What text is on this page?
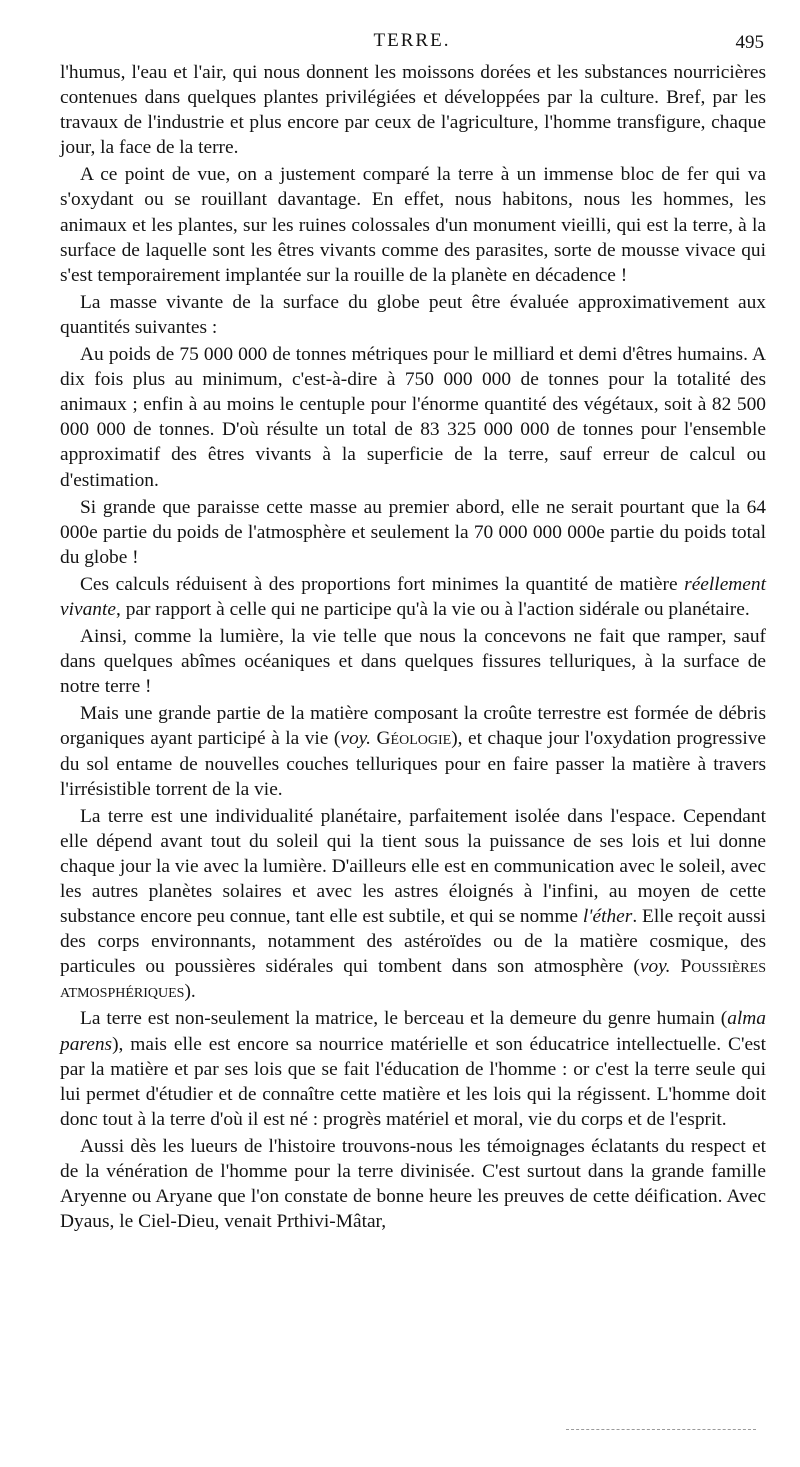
TERRE.	495

l'humus, l'eau et l'air, qui nous donnent les moissons dorées et les substances nourricières contenues dans quelques plantes privilégiées et développées par la culture. Bref, par les travaux de l'industrie et plus encore par ceux de l'agriculture, l'homme transfigure, chaque jour, la face de la terre.

A ce point de vue, on a justement comparé la terre à un immense bloc de fer qui va s'oxydant ou se rouillant davantage. En effet, nous habitons, nous les hommes, les animaux et les plantes, sur les ruines colossales d'un monument vieilli, qui est la terre, à la surface de laquelle sont les êtres vivants comme des parasites, sorte de mousse vivace qui s'est temporairement implantée sur la rouille de la planète en décadence !

La masse vivante de la surface du globe peut être évaluée approximativement aux quantités suivantes :

Au poids de 75 000 000 de tonnes métriques pour le milliard et demi d'êtres humains. A dix fois plus au minimum, c'est-à-dire à 750 000 000 de tonnes pour la totalité des animaux ; enfin à au moins le centuple pour l'énorme quantité des végétaux, soit à 82 500 000 000 de tonnes. D'où résulte un total de 83 325 000 000 de tonnes pour l'ensemble approximatif des êtres vivants à la superficie de la terre, sauf erreur de calcul ou d'estimation.

Si grande que paraisse cette masse au premier abord, elle ne serait pourtant que la 64 000e partie du poids de l'atmosphère et seulement la 70 000 000 000e partie du poids total du globe !

Ces calculs réduisent à des proportions fort minimes la quantité de matière réellement vivante, par rapport à celle qui ne participe qu'à la vie ou à l'action sidérale ou planétaire.

Ainsi, comme la lumière, la vie telle que nous la concevons ne fait que ramper, sauf dans quelques abîmes océaniques et dans quelques fissures telluriques, à la surface de notre terre !

Mais une grande partie de la matière composant la croûte terrestre est formée de débris organiques ayant participé à la vie (voy. Géologie), et chaque jour l'oxydation progressive du sol entame de nouvelles couches telluriques pour en faire passer la matière à travers l'irrésistible torrent de la vie.

La terre est une individualité planétaire, parfaitement isolée dans l'espace. Cependant elle dépend avant tout du soleil qui la tient sous la puissance de ses lois et lui donne chaque jour la vie avec la lumière. D'ailleurs elle est en communication avec le soleil, avec les autres planètes solaires et avec les astres éloignés à l'infini, au moyen de cette substance encore peu connue, tant elle est subtile, et qui se nomme l'éther. Elle reçoit aussi des corps environnants, notamment des astéroïdes ou de la matière cosmique, des particules ou poussières sidérales qui tombent dans son atmosphère (voy. Poussières atmosphériques).

La terre est non-seulement la matrice, le berceau et la demeure du genre humain (alma parens), mais elle est encore sa nourrice matérielle et son éducatrice intellectuelle. C'est par la matière et par ses lois que se fait l'éducation de l'homme : or c'est la terre seule qui lui permet d'étudier et de connaître cette matière et les lois qui la régissent. L'homme doit donc tout à la terre d'où il est né : progrès matériel et moral, vie du corps et de l'esprit.

Aussi dès les lueurs de l'histoire trouvons-nous les témoignages éclatants du respect et de la vénération de l'homme pour la terre divinisée. C'est surtout dans la grande famille Aryenne ou Aryane que l'on constate de bonne heure les preuves de cette déification. Avec Dyaus, le Ciel-Dieu, venait Prthivi-Mâtar,
